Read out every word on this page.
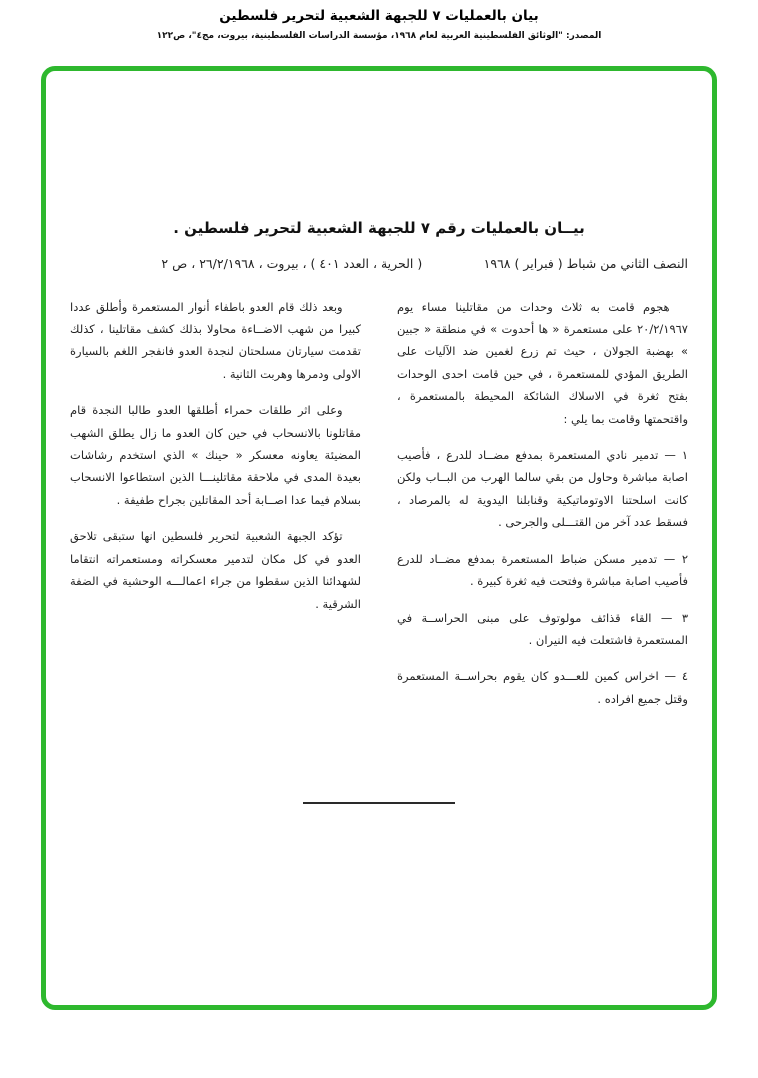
بيان بالعمليات ٧ للجبهة الشعبية لتحرير فلسطين
المصدر: "الوثائق الفلسطينية العربية لعام ١٩٦٨، مؤسسة الدراسات الفلسطينية، بيروت، مج٤"، ص١٢٢
بيــان بالعمليات رقم ٧ للجبهة الشعبية لتحرير فلسطين .
النصف الثاني من شباط ( فبراير ) ١٩٦٨
( الحرية ، العدد ٤٠١ ) ، بيروت ، ٢٦/٢/١٩٦٨ ، ص ٢

هجوم قامت به ثلاث وحدات من مقاتلينا مساء يوم ٢٠/٢/١٩٦٧ على مستعمرة « ها أحدوت » في منطقة « جبين » بهضبة الجولان ، حيث تم زرع لغمين ضد الآليات على الطريق المؤدي للمستعمرة ، في حين قامت احدى الوحدات بفتح ثغرة في الاسلاك الشائكة المحيطة بالمستعمرة ، واقتحمتها وقامت بما يلي :

١ — تدمير نادي المستعمرة بمدفع مضــاد للدرع ، فأصيب اصابة مباشرة وحاول من بقي سالما الهرب من البــاب ولكن كانت اسلحتنا الاوتوماتيكية وقنابلنا اليدوية له بالمرصاد ، فسقط عدد آخر من القتـــلى والجرحى .

٢ — تدمير مسكن ضباط المستعمرة بمدفع مضــاد للدرع فأصيب اصابة مباشرة وفتحت فيه ثغرة كبيرة .

٣ — القاء قذائف مولوتوف على مبنى الحراســة في المستعمرة فاشتعلت فيه النيران .

٤ — اخراس كمين للعـــدو كان يقوم بحراســة المستعمرة وقتل جميع افراده .

وبعد ذلك قام العدو باطفاء أنوار المستعمرة وأطلق عددا كبيرا من شهب الاضــاءة محاولا بذلك كشف مقاتلينا ، كذلك تقدمت سيارتان مسلحتان لنجدة العدو فانفجر اللغم بالسيارة الاولى ودمرها وهربت الثانية .

وعلى اثر طلقات حمراء أطلقها العدو طالبا النجدة قام مقاتلونا بالانسحاب في حين كان العدو ما زال يطلق الشهب المضيئة يعاونه معسكر « حينك » الذي استخدم رشاشات بعيدة المدى في ملاحقة مقاتلينـــا الذين استطاعوا الانسحاب بسلام فيما عدا اصــابة أحد المقاتلين بجراح طفيفة .

تؤكد الجبهة الشعبية لتحرير فلسطين انها ستبقى تلاحق العدو في كل مكان لتدمير معسكراته ومستعمراته انتقاما لشهدائنا الذين سقطوا من جراء اعمالـــه الوحشية في الضفة الشرقية .
